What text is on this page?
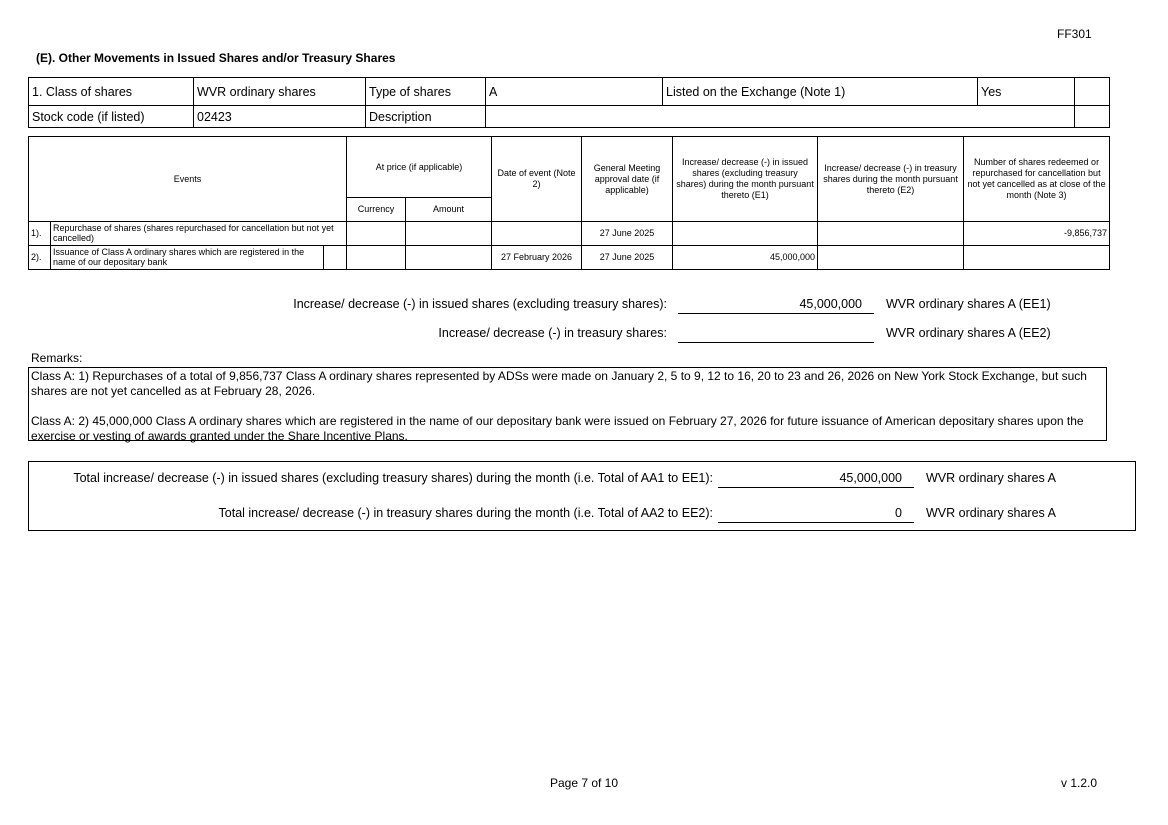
FF301
(E). Other Movements in Issued Shares and/or Treasury Shares
1. Class of shares	WVR ordinary shares	Type of shares	A	Listed on the Exchange (Note 1)	Yes	
Stock code (if listed)	02423	Description				
Events			At price (if applicable)		Date of event (Note 2)	General Meeting approval date (if applicable)	Increase/ decrease (-) in issued shares (excluding treasury shares) during the month pursuant thereto (E1)	Increase/ decrease (-) in treasury shares during the month pursuant thereto (E2)	Number of shares redeemed or repurchased for cancellation but not yet cancelled as at close of the month (Note 3)
			Currency	Amount					
1).	Repurchase of shares (shares repurchased for cancellation but not yet cancelled)					27 June 2025			-9,856,737
2).	Issuance of Class A ordinary shares which are registered in the name of our depositary bank				27 February 2026	27 June 2025	45,000,000		
Increase/ decrease (-) in issued shares (excluding treasury shares):	45,000,000	WVR ordinary shares A (EE1)
Increase/ decrease (-) in treasury shares:	WVR ordinary shares A (EE2)
Remarks:

Class A: 1) Repurchases of a total of 9,856,737 Class A ordinary shares represented by ADSs were made on January 2, 5 to 9, 12 to 16, 20 to 23 and 26, 2026 on New York Stock Exchange, but such shares are not yet cancelled as at February 28, 2026.

Class A: 2) 45,000,000 Class A ordinary shares which are registered in the name of our depositary bank were issued on February 27, 2026 for future issuance of American depositary shares upon the exercise or vesting of awards granted under the Share Incentive Plans.

Total increase/ decrease (-) in issued shares (excluding treasury shares) during the month (i.e. Total of AA1 to EE1):	45,000,000	WVR ordinary shares A
Total increase/ decrease (-) in treasury shares during the month (i.e. Total of AA2 to EE2):	0	WVR ordinary shares A
Page 7 of 10	v 1.2.0
